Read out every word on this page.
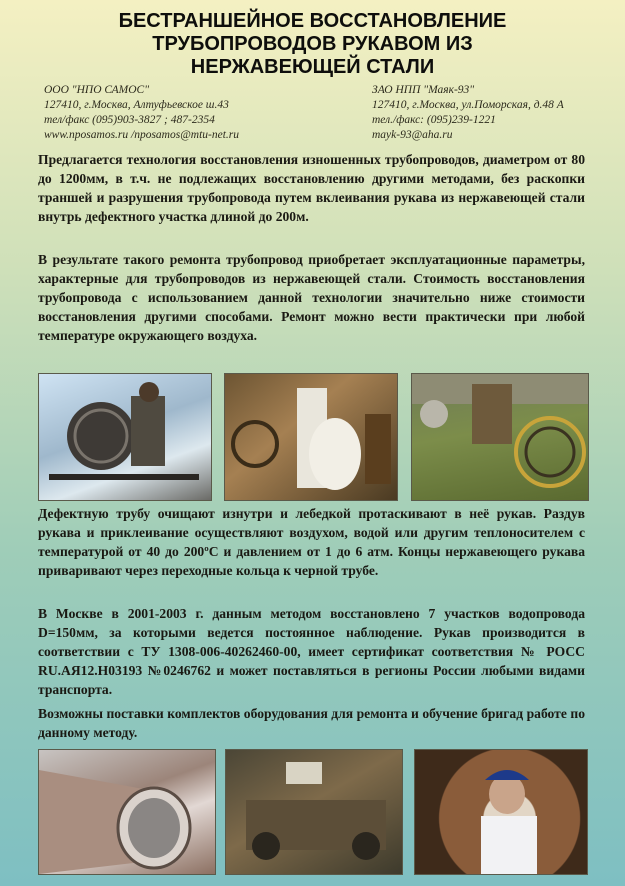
БЕСТРАНШЕЙНОЕ ВОССТАНОВЛЕНИЕ
ТРУБОПРОВОДОВ РУКАВОМ ИЗ
НЕРЖАВЕЮЩЕЙ СТАЛИ
ООО "НПО САМОС"
127410, г.Москва, Алтуфьевское ш.43
тел/факс (095)903-3827 ; 487-2354
www.nposamos.ru /nposamos@mtu-net.ru
ЗАО НПП "Маяк-93"
127410, г.Москва, ул.Поморская, д.48 А
тел./факс: (095)239-1221
mayk-93@aha.ru
Предлагается технология восстановления изношенных трубопроводов, диаметром от 80 до 1200мм, в т.ч. не подлежащих восстановлению другими методами, без раскопки траншей и разрушения трубопровода путем вклеивания рукава из нержавеющей стали внутрь дефектного участка длиной до 200м.
В результате такого ремонта трубопровод приобретает эксплуатационные параметры, характерные для трубопроводов из нержавеющей стали. Стоимость восстановления трубопровода с использованием данной технологии значительно ниже стоимости восстановления другими способами. Ремонт можно вести практически при любой температуре окружающего воздуха.
Дефектную трубу очищают изнутри и лебедкой протаскивают в неё рукав. Раздув рукава и приклеивание осуществляют воздухом, водой или другим теплоносителем с температурой от 40 до 200ºС и давлением от 1 до 6 атм. Концы нержавеющего рукава приваривают через переходные кольца к черной трубе.
В Москве в 2001-2003 г. данным методом восстановлено 7 участков водопровода D=150мм, за которыми ведется постоянное наблюдение. Рукав производится в соответствии с ТУ 1308-006-40262460-00, имеет сертификат соответствия № РОСС RU.АЯ12.Н03193 №0246762 и может поставляться в регионы России любыми видами транспорта.
Возможны поставки комплектов оборудования для ремонта и обучение бригад работе по данному методу.
